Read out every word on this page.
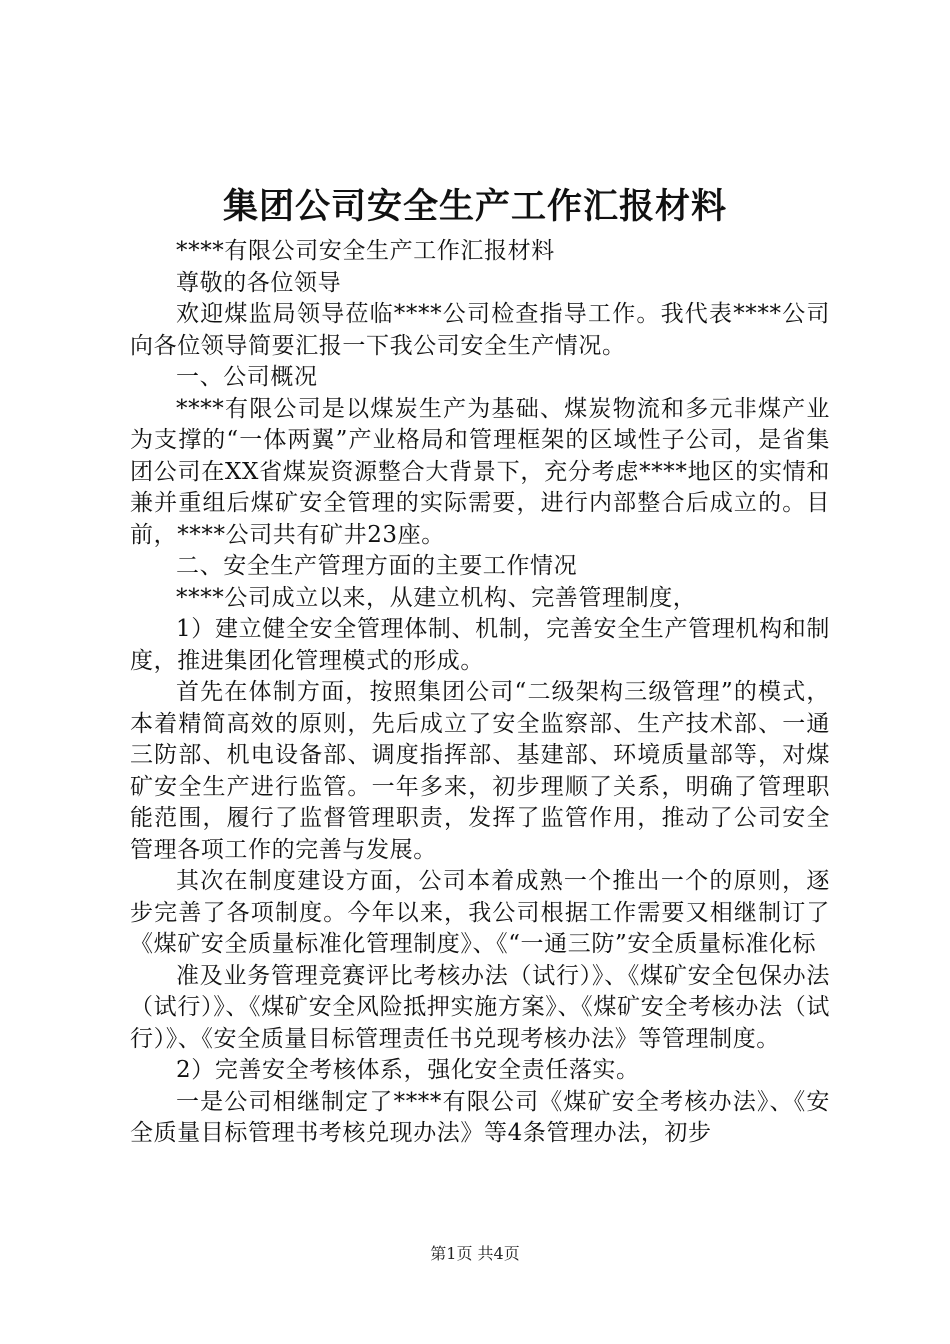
集团公司安全生产工作汇报材料

****有限公司安全生产工作汇报材料

尊敬的各位领导

欢迎煤监局领导莅临****公司检查指导工作。我代表****公司向各位领导简要汇报一下我公司安全生产情况。

一、公司概况

****有限公司是以煤炭生产为基础、煤炭物流和多元非煤产业为支撑的“一体两翼”产业格局和管理框架的区域性子公司，是省集团公司在XX省煤炭资源整合大背景下，充分考虑****地区的实情和兼并重组后煤矿安全管理的实际需要，进行内部整合后成立的。目前，****公司共有矿井23座。

二、安全生产管理方面的主要工作情况

****公司成立以来，从建立机构、完善管理制度，

1）建立健全安全管理体制、机制，完善安全生产管理机构和制度，推进集团化管理模式的形成。

首先在体制方面，按照集团公司“二级架构三级管理”的模式，本着精简高效的原则，先后成立了安全监察部、生产技术部、一通三防部、机电设备部、调度指挥部、基建部、环境质量部等，对煤矿安全生产进行监管。一年多来，初步理顺了关系，明确了管理职能范围，履行了监督管理职责，发挥了监管作用，推动了公司安全管理各项工作的完善与发展。

其次在制度建设方面，公司本着成熟一个推出一个的原则，逐步完善了各项制度。今年以来，我公司根据工作需要又相继制订了《煤矿安全质量标准化管理制度》、《“一通三防”安全质量标准化标

准及业务管理竞赛评比考核办法（试行）》、《煤矿安全包保办法（试行）》、《煤矿安全风险抵押实施方案》、《煤矿安全考核办法（试行）》、《安全质量目标管理责任书兑现考核办法》等管理制度。

2）完善安全考核体系，强化安全责任落实。

一是公司相继制定了****有限公司《煤矿安全考核办法》、《安全质量目标管理书考核兑现办法》等4条管理办法，初步

第1页 共4页
